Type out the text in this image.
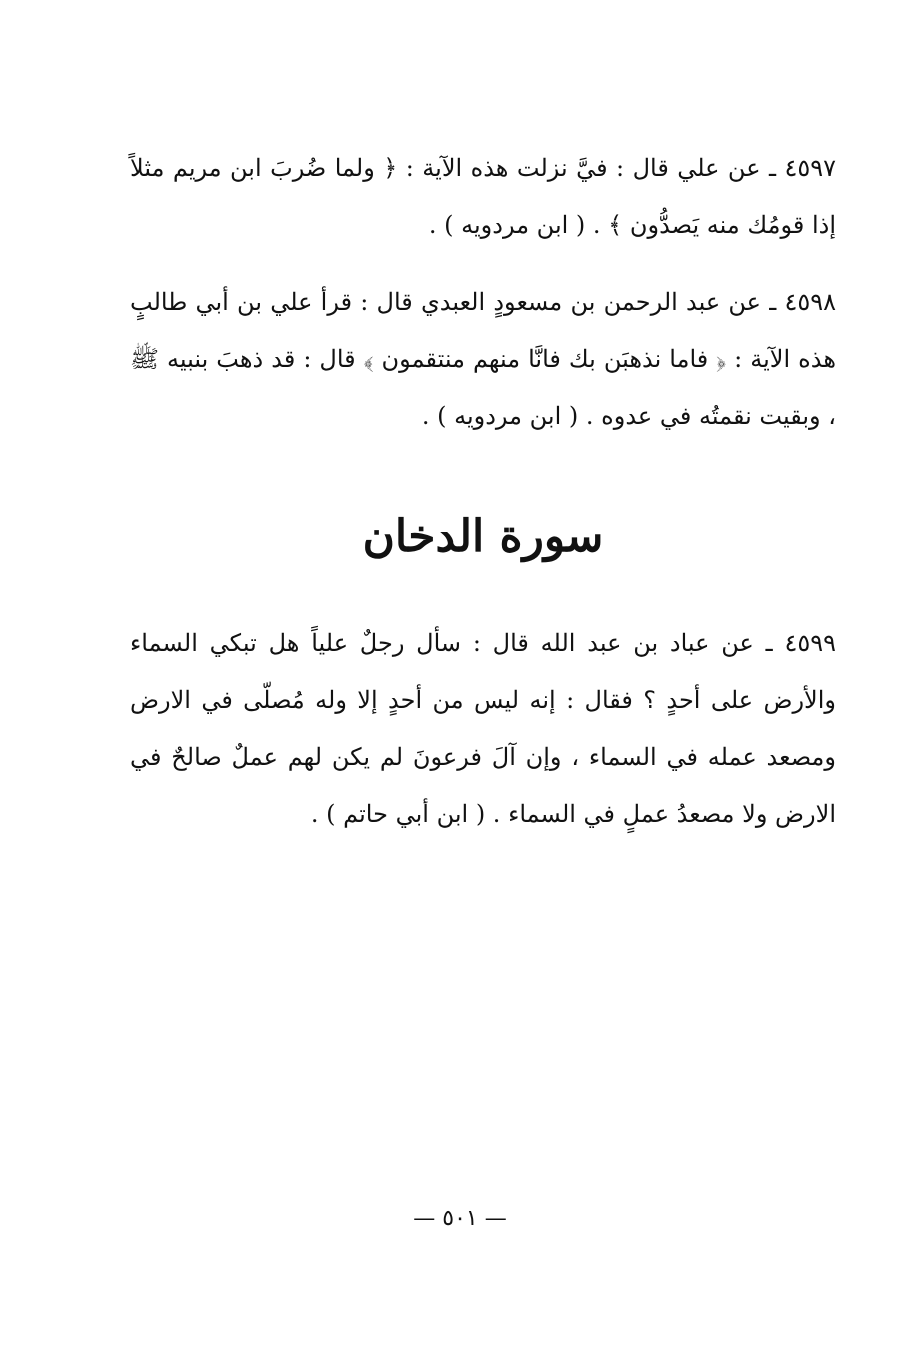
٤٥٩٧ ـ عن علي قال : فيَّ نزلت هذه الآية : ﴿ ولما ضُربَ ابن مريم مثلاً إذا قومُك منه يَصدُّون ﴾ . ( ابن مردويه ) .

٤٥٩٨ ـ عن عبد الرحمن بن مسعودٍ العبدي قال : قرأ علي بن أبي طالبٍ هذه الآية : ﴿ فاما نذهبَن بك فانَّا منهم منتقمون ﴾ قال : قد ذهبَ بنبيه ﷺ ، وبقيت نقمتُه في عدوه . ( ابن مردويه ) .

سورة الدخان

٤٥٩٩ ـ عن عباد بن عبد الله قال : سأل رجلٌ علياً هل تبكي السماء والأرض على أحدٍ ؟ فقال : إنه ليس من أحدٍ إلا وله مُصلّى في الارض ومصعد عمله في السماء ، وإن آلَ فرعونَ لم يكن لهم عملٌ صالحٌ في الارض ولا مصعدُ عملٍ في السماء . ( ابن أبي حاتم ) .

— ٥٠١ —
